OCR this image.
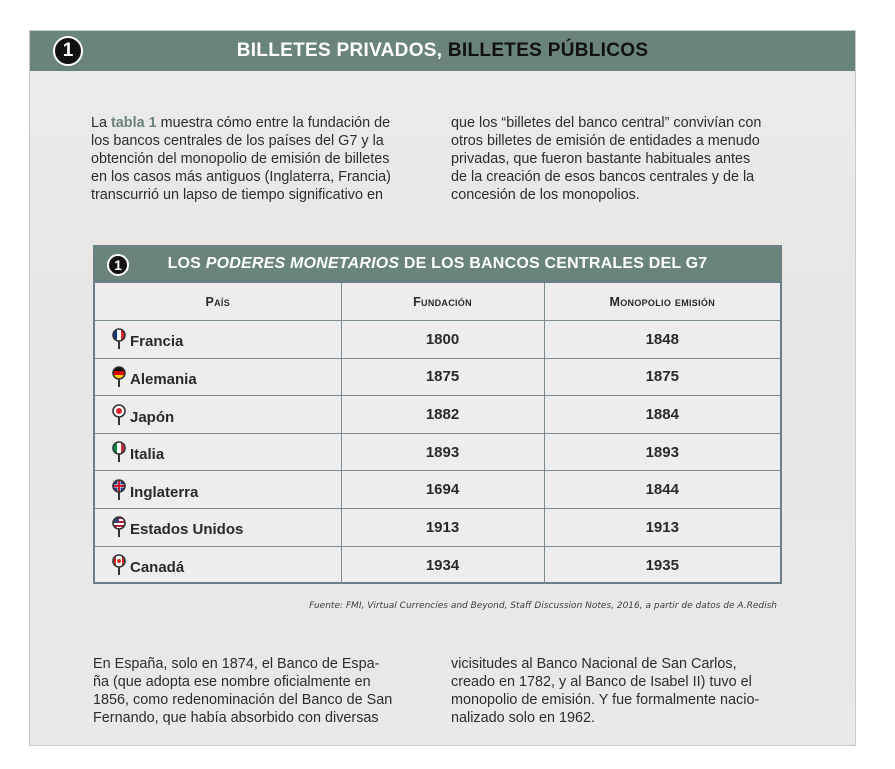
1	BILLETES PRIVADOS, BILLETES PÚBLICOS
La tabla 1 muestra cómo entre la fundación de
los bancos centrales de los países del G7 y la
obtención del monopolio de emisión de billetes
en los casos más antiguos (Inglaterra, Francia)
transcurrió un lapso de tiempo significativo en
que los “billetes del banco central” convivían con
otros billetes de emisión de entidades a menudo
privadas, que fueron bastante habituales antes
de la creación de esos bancos centrales y de la
concesión de los monopolios.
1	LOS PODERES MONETARIOS DE LOS BANCOS CENTRALES DEL G7
País	Fundación	Monopolio emisión
Francia	1800	1848
Alemania	1875	1875
Japón	1882	1884
Italia	1893	1893
Inglaterra	1694	1844
Estados Unidos	1913	1913
Canadá	1934	1935
Fuente: FMI, Virtual Currencies and Beyond, Staff Discussion Notes, 2016, a partir de datos de A.Redish
En España, solo en 1874, el Banco de Espa-
ña (que adopta ese nombre oficialmente en
1856, como redenominación del Banco de San
Fernando, que había absorbido con diversas
vicisitudes al Banco Nacional de San Carlos,
creado en 1782, y al Banco de Isabel II) tuvo el
monopolio de emisión. Y fue formalmente nacio-
nalizado solo en 1962.
